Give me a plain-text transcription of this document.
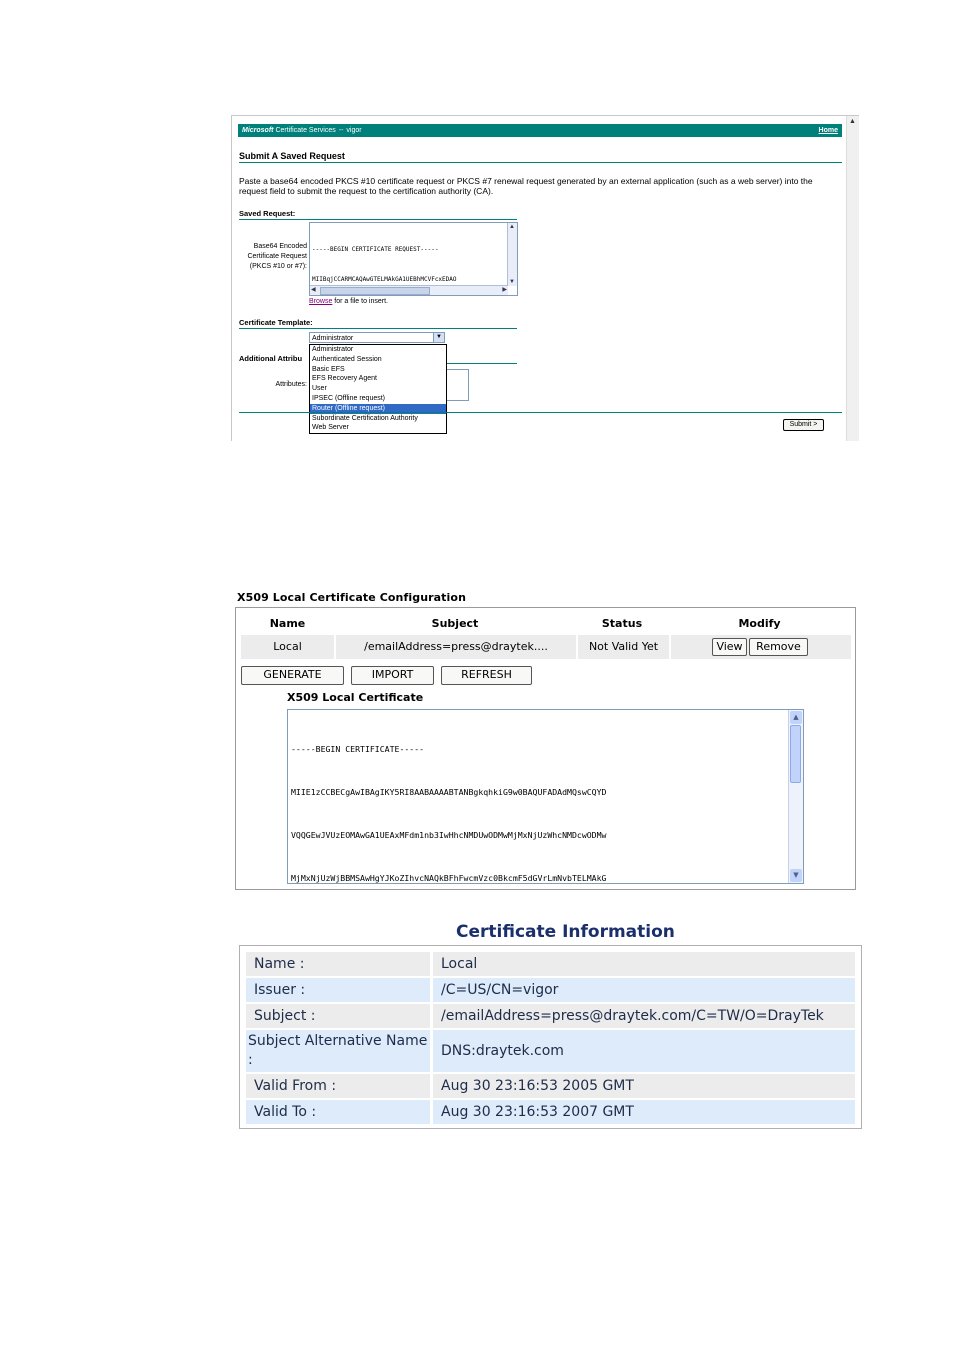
Microsoft Certificate Services -- vigor	Home
▲
Submit A Saved Request
Paste a base64 encoded PKCS #10 certificate request or PKCS #7 renewal request generated by an external application (such as a web server) into the request field to submit the request to the certification authority (CA).
Saved Request:
Base64 Encoded
Certificate Request
(PKCS #10 or #7):

-----BEGIN CERTIFICATE REQUEST-----

MIIBqjCCARMCAQAwGTELMAkGA1UEBhMCVFcxEDAO

▲
▼
◀	▶
Browse for a file to insert.
Certificate Template:
Administrator	▼
Additional Attribu
Attributes:
Administrator
Authenticated Session
Basic EFS
EFS Recovery Agent
User
IPSEC (Offline request)
Router (Offline request)
Subordinate Certification Authority
Web Server	Submit >
X509 Local Certificate Configuration
Name	Subject	Status	Modify
Local	/emailAddress=press@draytek....	Not Valid Yet	View	Remove
GENERATE	IMPORT	REFRESH
X509 Local Certificate

-----BEGIN CERTIFICATE-----

MIIE1zCCBECgAwIBAgIKY5RI8AABAAAABTANBgkqhkiG9w0BAQUFADAdMQswCQYD

VQQGEwJVUzEOMAwGA1UEAxMFdm1nb3IwHhcNMDUwODMwMjMxNjUzWhcNMDcwODMw

MjMxNjUzWjBBMSAwHgYJKoZIhvcNAQkBFhFwcmVzc0BkcmF5dGVrLmNvbTELMAkG

▲
▼
Certificate Information
Name :	Local
Issuer :	/C=US/CN=vigor
Subject :	/emailAddress=press@draytek.com/C=TW/O=DrayTek
Subject Alternative Name :
DNS:draytek.com
Valid From :	Aug 30 23:16:53 2005 GMT
Valid To :	Aug 30 23:16:53 2007 GMT
